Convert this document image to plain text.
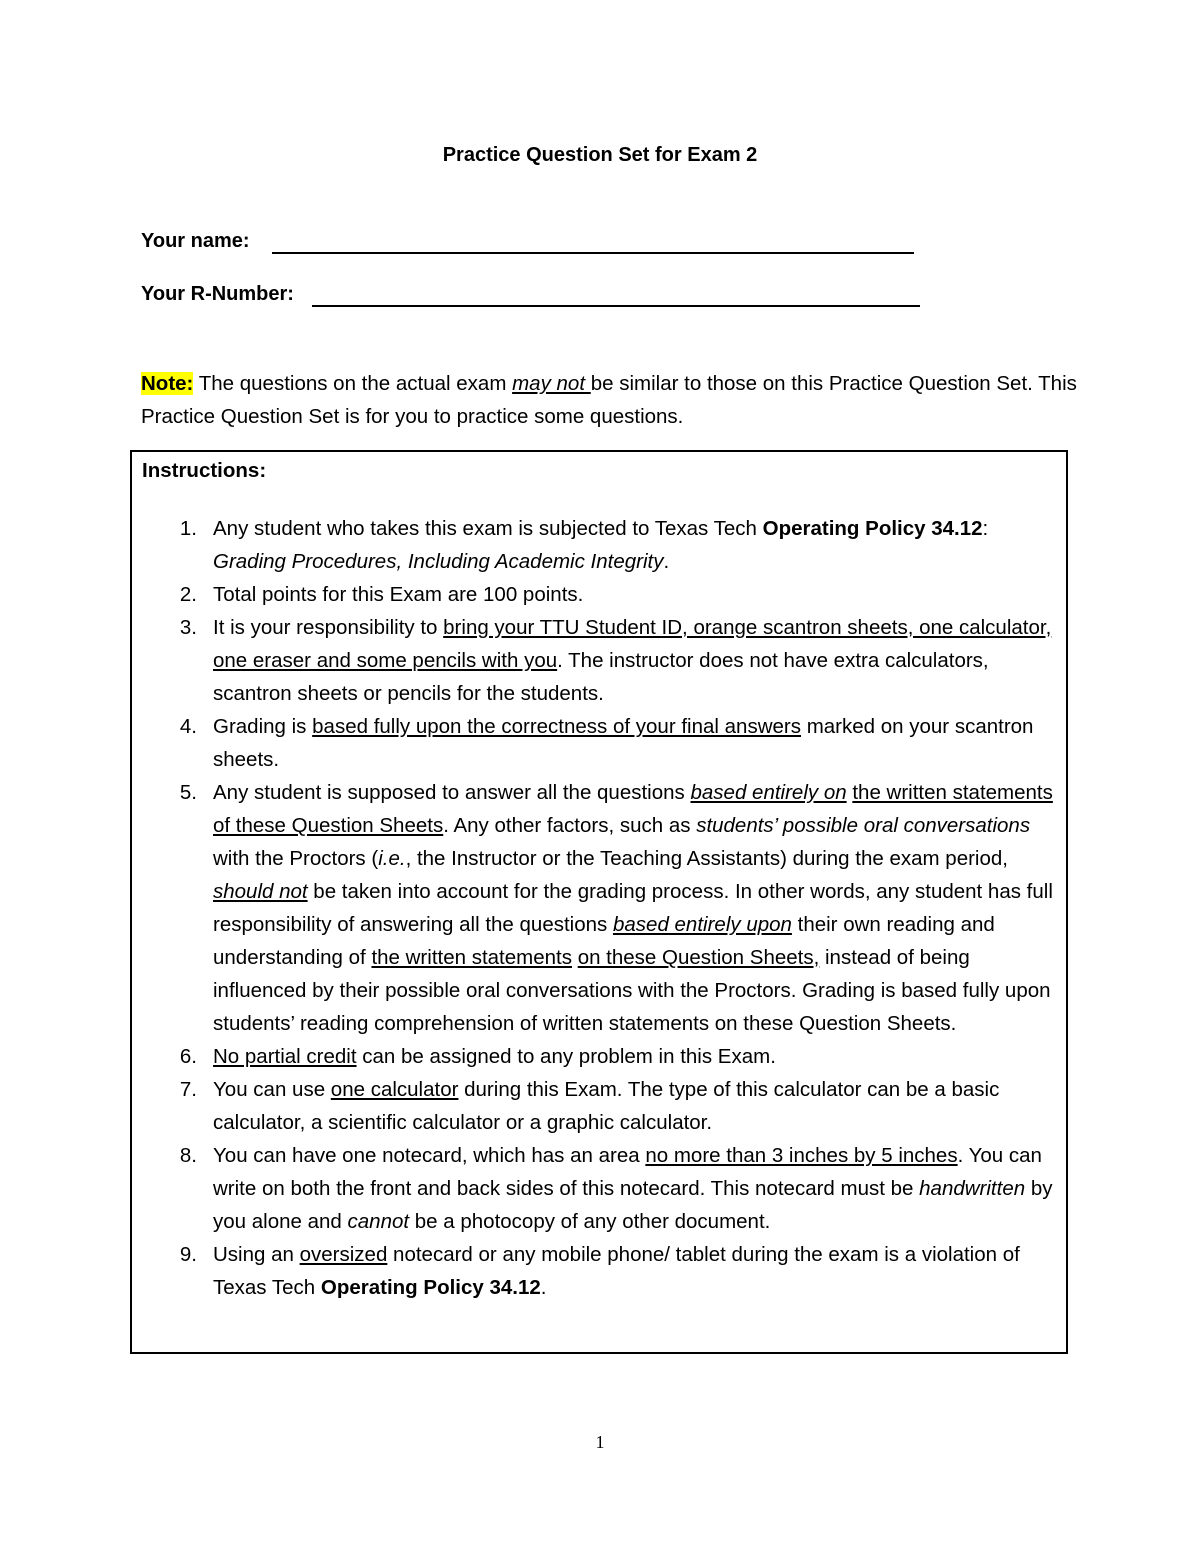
Practice Question Set for Exam 2
Your name:
Your R-Number:
Note: The questions on the actual exam may not be similar to those on this Practice Question Set. This Practice Question Set is for you to practice some questions.
Instructions:
1. Any student who takes this exam is subjected to Texas Tech Operating Policy 34.12: Grading Procedures, Including Academic Integrity.
2. Total points for this Exam are 100 points.
3. It is your responsibility to bring your TTU Student ID, orange scantron sheets, one calculator, one eraser and some pencils with you. The instructor does not have extra calculators, scantron sheets or pencils for the students.
4. Grading is based fully upon the correctness of your final answers marked on your scantron sheets.
5. Any student is supposed to answer all the questions based entirely on the written statements of these Question Sheets. Any other factors, such as students’ possible oral conversations with the Proctors (i.e., the Instructor or the Teaching Assistants) during the exam period, should not be taken into account for the grading process. In other words, any student has full responsibility of answering all the questions based entirely upon their own reading and understanding of the written statements on these Question Sheets, instead of being influenced by their possible oral conversations with the Proctors. Grading is based fully upon students’ reading comprehension of written statements on these Question Sheets.
6. No partial credit can be assigned to any problem in this Exam.
7. You can use one calculator during this Exam. The type of this calculator can be a basic calculator, a scientific calculator or a graphic calculator.
8. You can have one notecard, which has an area no more than 3 inches by 5 inches. You can write on both the front and back sides of this notecard. This notecard must be handwritten by you alone and cannot be a photocopy of any other document.
9. Using an oversized notecard or any mobile phone/ tablet during the exam is a violation of Texas Tech Operating Policy 34.12.
1
